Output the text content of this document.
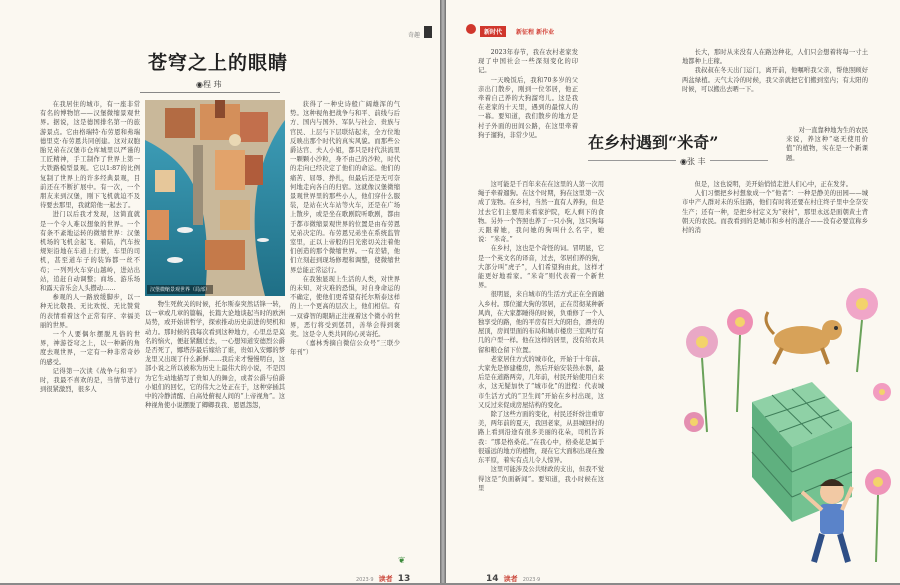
奇趣
苍穹之上的眼睛
◉程 玮
汉堡微缩景观世界（局部）

在我居住的城市，有一座非常有名的博物馆——汉堡微缩景观世界。据说，这是德国排名第一的旅游景点。它由格瑞特·布劳恩和弗瑞德里克·布劳恩共同创建。这对双胞胎兄弟在汉堡市仓库城里以严谨的工匠精神，手工制作了世界上第一大铁路模型景观。它以1:87的比例复制了世界上的许多经典景观，目前还在不断扩展中。有一次，一个朋友来到汉堡，刚下飞机就迫不及待要去那里，我就陪他一起去了。

进门以后我才发现，这简直就是一个令人难以想象的世界。一个有条不紊地运转的微缩世界：汉堡机场的飞机会起飞、着陆，汽车按规矩沿地在车道上行驶，车里的司机，甚至道车子的装饰都一丝不苟；一列列火车穿山越岭，进站出站，追赶自动调整；商场、游乐场和露天音乐会人头攒动……

参观的人一路放缓脚步，以一种无比敬畏、无比欢悦、无比赞赏的表情看着这个正常有序、幸福美丽的世界。

一个人要偶尔摆脱凡俗的世界，神游苍穹之上，以一种新的角度去观世界，一定有一种非常奇妙的感受。

记得第一次读《战争与和平》时，我最不喜欢的是，当情节进行到很紧激烈，很多人

物生死攸关的时候，托尔斯泰突然话锋一转，以一章或几章的篇幅，长篇大论地谈起当时的欧洲局势，或开始讲哲学，探索推动历史前进的契机和动力。那时候的我每次看到这种地方，心里总是莫名的恼火，便赶紧翻过去，一心想知道安德烈公爵是否死了，娜塔莎最后嫁给了谁，贵如入安娜的梦龙里又出现了什么新鲜……我后来才慢慢明白，这部小说之所以被称为历史上最伟大的小说，不是因为它生动地描写了贵如人的舞会，或者公爵与伯爵小姐们的回忆，它的伟大之处正在于，这种穿插其中的冷静清醒、自高处俯视人间的“上帝视角”。这种视角使小说摆脱了卿卿我我、恩恩怨怨，

获得了一种史诗般广阔雄浑的气势。这种视角把战争与和平、前线与后方、国内与国外、军队与社会、贵族与官民、上层与下层联结起来，全方位地反映出那个时代的真实风貌。而那些公爵达官、夫人小姐，都只是时代洪流里一颗颗小沙粒，身不由己的沙粒，时代的走向已经决定了他们的命运。他们的痛苦、屈辱、挣扎，但最后还是无可奈何地走向各自的归宿。这就像汉堡微缩景观世界里的那些小人，他们穿什么服装，是站在火车站等火车，还是在广场上散步，或是坐在歌剧院听歌剧，都由于都市微缩景观世界的位置是由布劳恩兄弟决定的。布劳恩兄弟坐在系统监管室里，正以上帝般的目光密切关注着他们创造的那个微缩世界。一有差错，他们立刻赶到现场修理和调整，使微缩世界总能正常运行。

在我独显现上生活的人类，对世界的未知、对灾难的恐惧，对自身命运的不确定，使他们更希望有托尔斯泰这样的上一个更高的层次上，他们相信。有一双睿智的眼睛正注视着这个微小的世界，恶行将受到惩罚，善举会得到褒奖。这是令人类共同的心灵寄托。

（嘉林秀摘自微信公众号“三联少年刊”）

❦
2023·9 读者 13
新时代	新征程 新作业
在乡村遇到“米奇”
◉张 丰

2023年春节，我在农村老家发现了中国社会一些深刻变化的印记。

一天晚饭后，我和70多岁的父亲出门散步，刚到一位邻居，他正牵着自己养的大狗溜弯儿。这是我在老家的十天里，遇到的最惊人的一幕。要知道，我们散步的地方是村子外面的田间公路，在这里牵着狗子遛狗，非常少见。

这可能是千百年来在在这里的人第一次用绳子牵着遛狗。在这个时期，狗在这里第一次成了宠物。在乡村，当然一直有人养狗，但是过去它们主要用来看家护院，吃人剩下的食物。另外一个答照也养了一只小狗，这只狗每天跟着她，我问她的狗叫什么名字，她说：“米奇。”

在乡村，这也是个奇怪的词。冒明显，它是一个英文名的译音，过去，邻居们养的狗，大部分叫“虎子”，人们希望狗由此，这样才能更好地看家。“米奇”则代表着一个新世界。

很明显，来自城市的生活方式正在全面融入乡村。那位遛大狗的邻居，正在贯彻某种新风尚，在大家都睡得的时候，负重修了一个人独享受的路，他的平房有巨大的阳台，漂亮的屋顶，房间里面的布局和城市楼房三室两厅有几的户型一样。他在这样的居里，没有给农具留和粮仓留下位置。

老家居住方式的城市化，开始于十年前。大家先是修建楼房，然后开始安装热水器，最后是在道路两旁，几年前，村民开始使用自来水，这无疑加快了“城市化”的进程：代表城市生活方式的“卫生间”开始在乡村出现，这又反过来促成房屋结构的变化。

除了这些方面的变化，村民还纤纷注重审美，两年前的夏天，我回老家，从县城回村的路上看到沿途有很多美丽的花朵，司机告诉我：“那是格桑花。”在我心中，格桑花是属于很遥远的地方的植物，现在它大面积出现在豫东平原，着实有点儿令人惊异。

这里可能涉及公共财政的支出，但我不觉得这是“负面新闻”。要知道，我小时候在这里

长大，那时从来没有人在路边种花，人们只会想着将每一寸土地都种上庄稼。

我叔叔在冬天出门运门，离开前，他嘱咐我父亲，帮他照顾好两盆绿植。天气太冷的时候，我父亲就把它们搬到室内；有太阳的时候，可以搬出去晒一下。

对一直靠种地为生的农民来说，养这种“毫无使用价值”的植物，实在是一个新课题。

但是，这也说明，美开始悄悄走进人们心中，正在发芽。

人们习惯把乡村想象成一个“他者”：一种是静美的田园——城市中产人群对未的乐往路，他们有时将还要在村庄终子里中全奈安生产；还有一种，是把乡村定义为“衰村”，那里永远是面朝黄土背朝天的农民。而我看到的是城市和乡村的混合——没有必要宣称乡村的消

14 读者 2023·9
